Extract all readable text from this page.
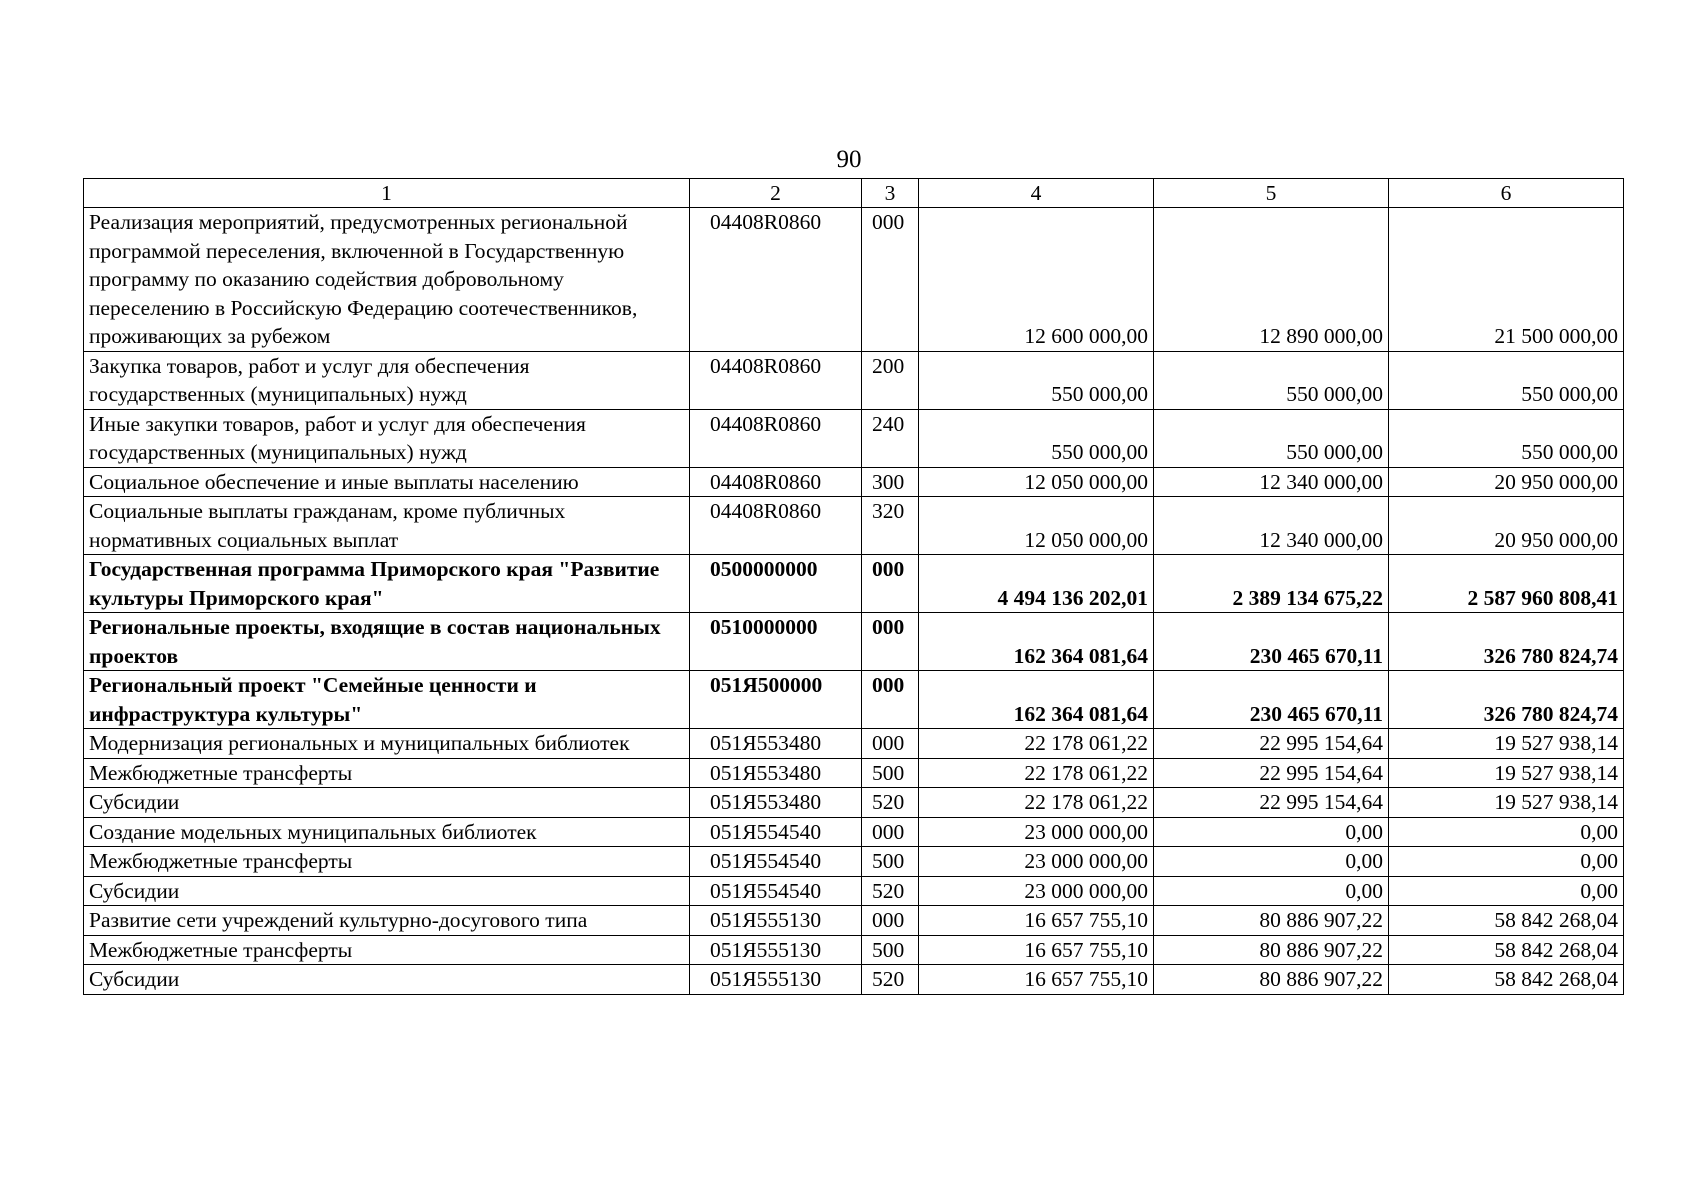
90
1	2	3	4	5	6
Реализация мероприятий, предусмотренных региональной программой переселения, включенной в Государственную программу по оказанию содействия добровольному переселению в Российскую Федерацию соотечественников, проживающих за рубежом	04408R0860	000	12 600 000,00	12 890 000,00	21 500 000,00
Закупка товаров, работ и услуг для обеспечения государственных (муниципальных) нужд	04408R0860	200	550 000,00	550 000,00	550 000,00
Иные закупки товаров, работ и услуг для обеспечения государственных (муниципальных) нужд	04408R0860	240	550 000,00	550 000,00	550 000,00
Социальное обеспечение и иные выплаты населению	04408R0860	300	12 050 000,00	12 340 000,00	20 950 000,00
Социальные выплаты гражданам, кроме публичных нормативных социальных выплат	04408R0860	320	12 050 000,00	12 340 000,00	20 950 000,00
Государственная программа Приморского края "Развитие культуры Приморского края"	0500000000	000	4 494 136 202,01	2 389 134 675,22	2 587 960 808,41
Региональные проекты, входящие в состав национальных проектов	0510000000	000	162 364 081,64	230 465 670,11	326 780 824,74
Региональный проект "Семейные ценности и инфраструктура культуры"	051Я500000	000	162 364 081,64	230 465 670,11	326 780 824,74
Модернизация региональных и муниципальных библиотек	051Я553480	000	22 178 061,22	22 995 154,64	19 527 938,14
Межбюджетные трансферты	051Я553480	500	22 178 061,22	22 995 154,64	19 527 938,14
Субсидии	051Я553480	520	22 178 061,22	22 995 154,64	19 527 938,14
Создание модельных муниципальных библиотек	051Я554540	000	23 000 000,00	0,00	0,00
Межбюджетные трансферты	051Я554540	500	23 000 000,00	0,00	0,00
Субсидии	051Я554540	520	23 000 000,00	0,00	0,00
Развитие сети учреждений культурно-досугового типа	051Я555130	000	16 657 755,10	80 886 907,22	58 842 268,04
Межбюджетные трансферты	051Я555130	500	16 657 755,10	80 886 907,22	58 842 268,04
Субсидии	051Я555130	520	16 657 755,10	80 886 907,22	58 842 268,04
